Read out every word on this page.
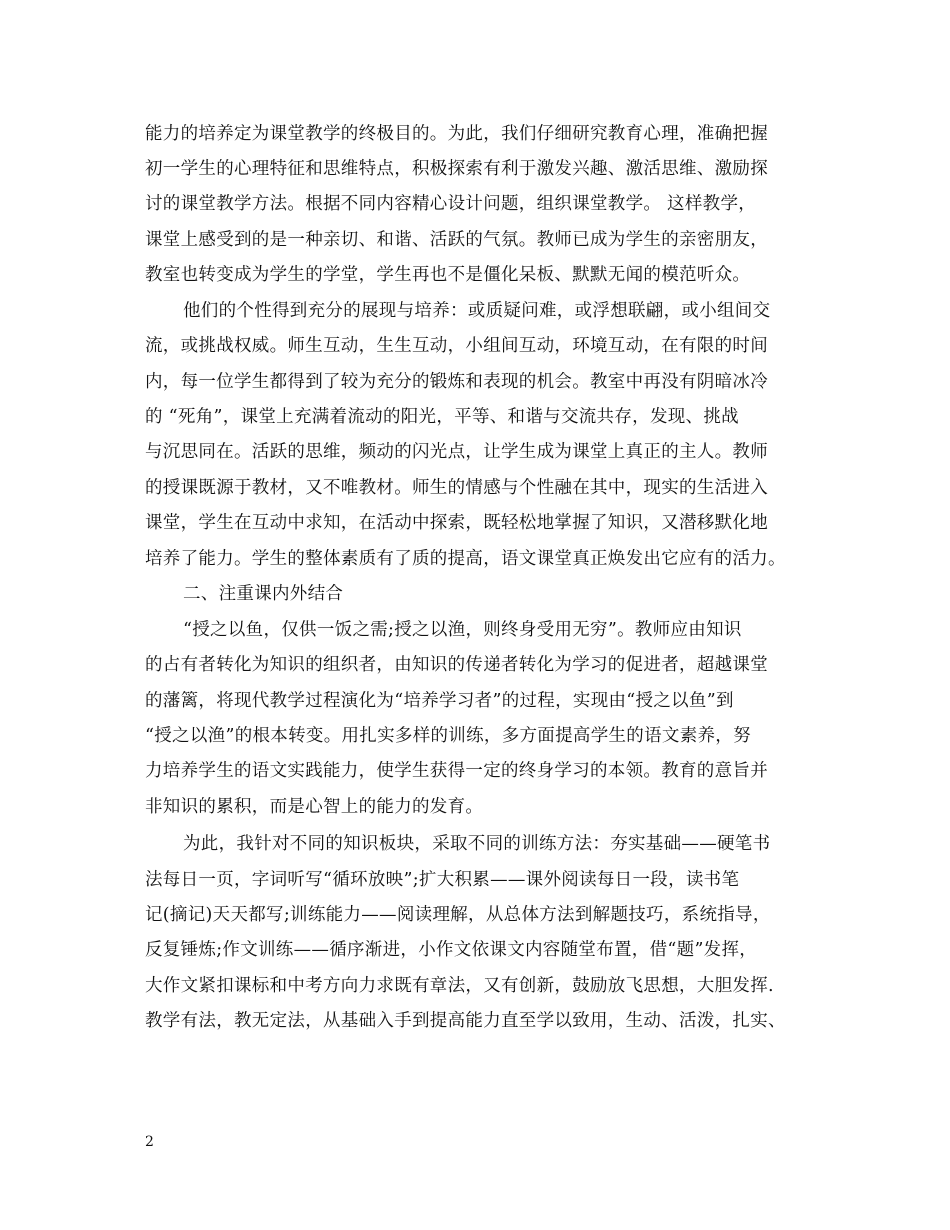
能力的培养定为课堂教学的终极目的。为此，我们仔细研究教育心理，准确把握
初一学生的心理特征和思维特点，积极探索有利于激发兴趣、激活思维、激励探
讨的课堂教学方法。根据不同内容精心设计问题，组织课堂教学。 这样教学，
课堂上感受到的是一种亲切、和谐、活跃的气氛。教师已成为学生的亲密朋友，
教室也转变成为学生的学堂，学生再也不是僵化呆板、默默无闻的模范听众。
他们的个性得到充分的展现与培养：或质疑问难，或浮想联翩，或小组间交
流，或挑战权威。师生互动，生生互动，小组间互动，环境互动，在有限的时间
内，每一位学生都得到了较为充分的锻炼和表现的机会。教室中再没有阴暗冰冷
的 “死角”，课堂上充满着流动的阳光，平等、和谐与交流共存，发现、挑战
与沉思同在。活跃的思维，频动的闪光点，让学生成为课堂上真正的主人。教师
的授课既源于教材，又不唯教材。师生的情感与个性融在其中，现实的生活进入
课堂，学生在互动中求知，在活动中探索，既轻松地掌握了知识，又潜移默化地
培养了能力。学生的整体素质有了质的提高，语文课堂真正焕发出它应有的活力。
二、注重课内外结合
“授之以鱼，仅供一饭之需;授之以渔，则终身受用无穷”。教师应由知识
的占有者转化为知识的组织者，由知识的传递者转化为学习的促进者，超越课堂
的藩篱，将现代教学过程演化为“培养学习者”的过程，实现由“授之以鱼”到
“授之以渔”的根本转变。用扎实多样的训练，多方面提高学生的语文素养，努
力培养学生的语文实践能力，使学生获得一定的终身学习的本领。教育的意旨并
非知识的累积，而是心智上的能力的发育。
为此，我针对不同的知识板块，采取不同的训练方法：夯实基础——硬笔书
法每日一页，字词听写“循环放映”;扩大积累——课外阅读每日一段，读书笔
记(摘记)天天都写;训练能力——阅读理解，从总体方法到解题技巧，系统指导，
反复锤炼;作文训练——循序渐进，小作文依课文内容随堂布置，借“题”发挥，
大作文紧扣课标和中考方向力求既有章法，又有创新，鼓励放飞思想，大胆发挥.
教学有法，教无定法，从基础入手到提高能力直至学以致用，生动、活泼，扎实、
2
